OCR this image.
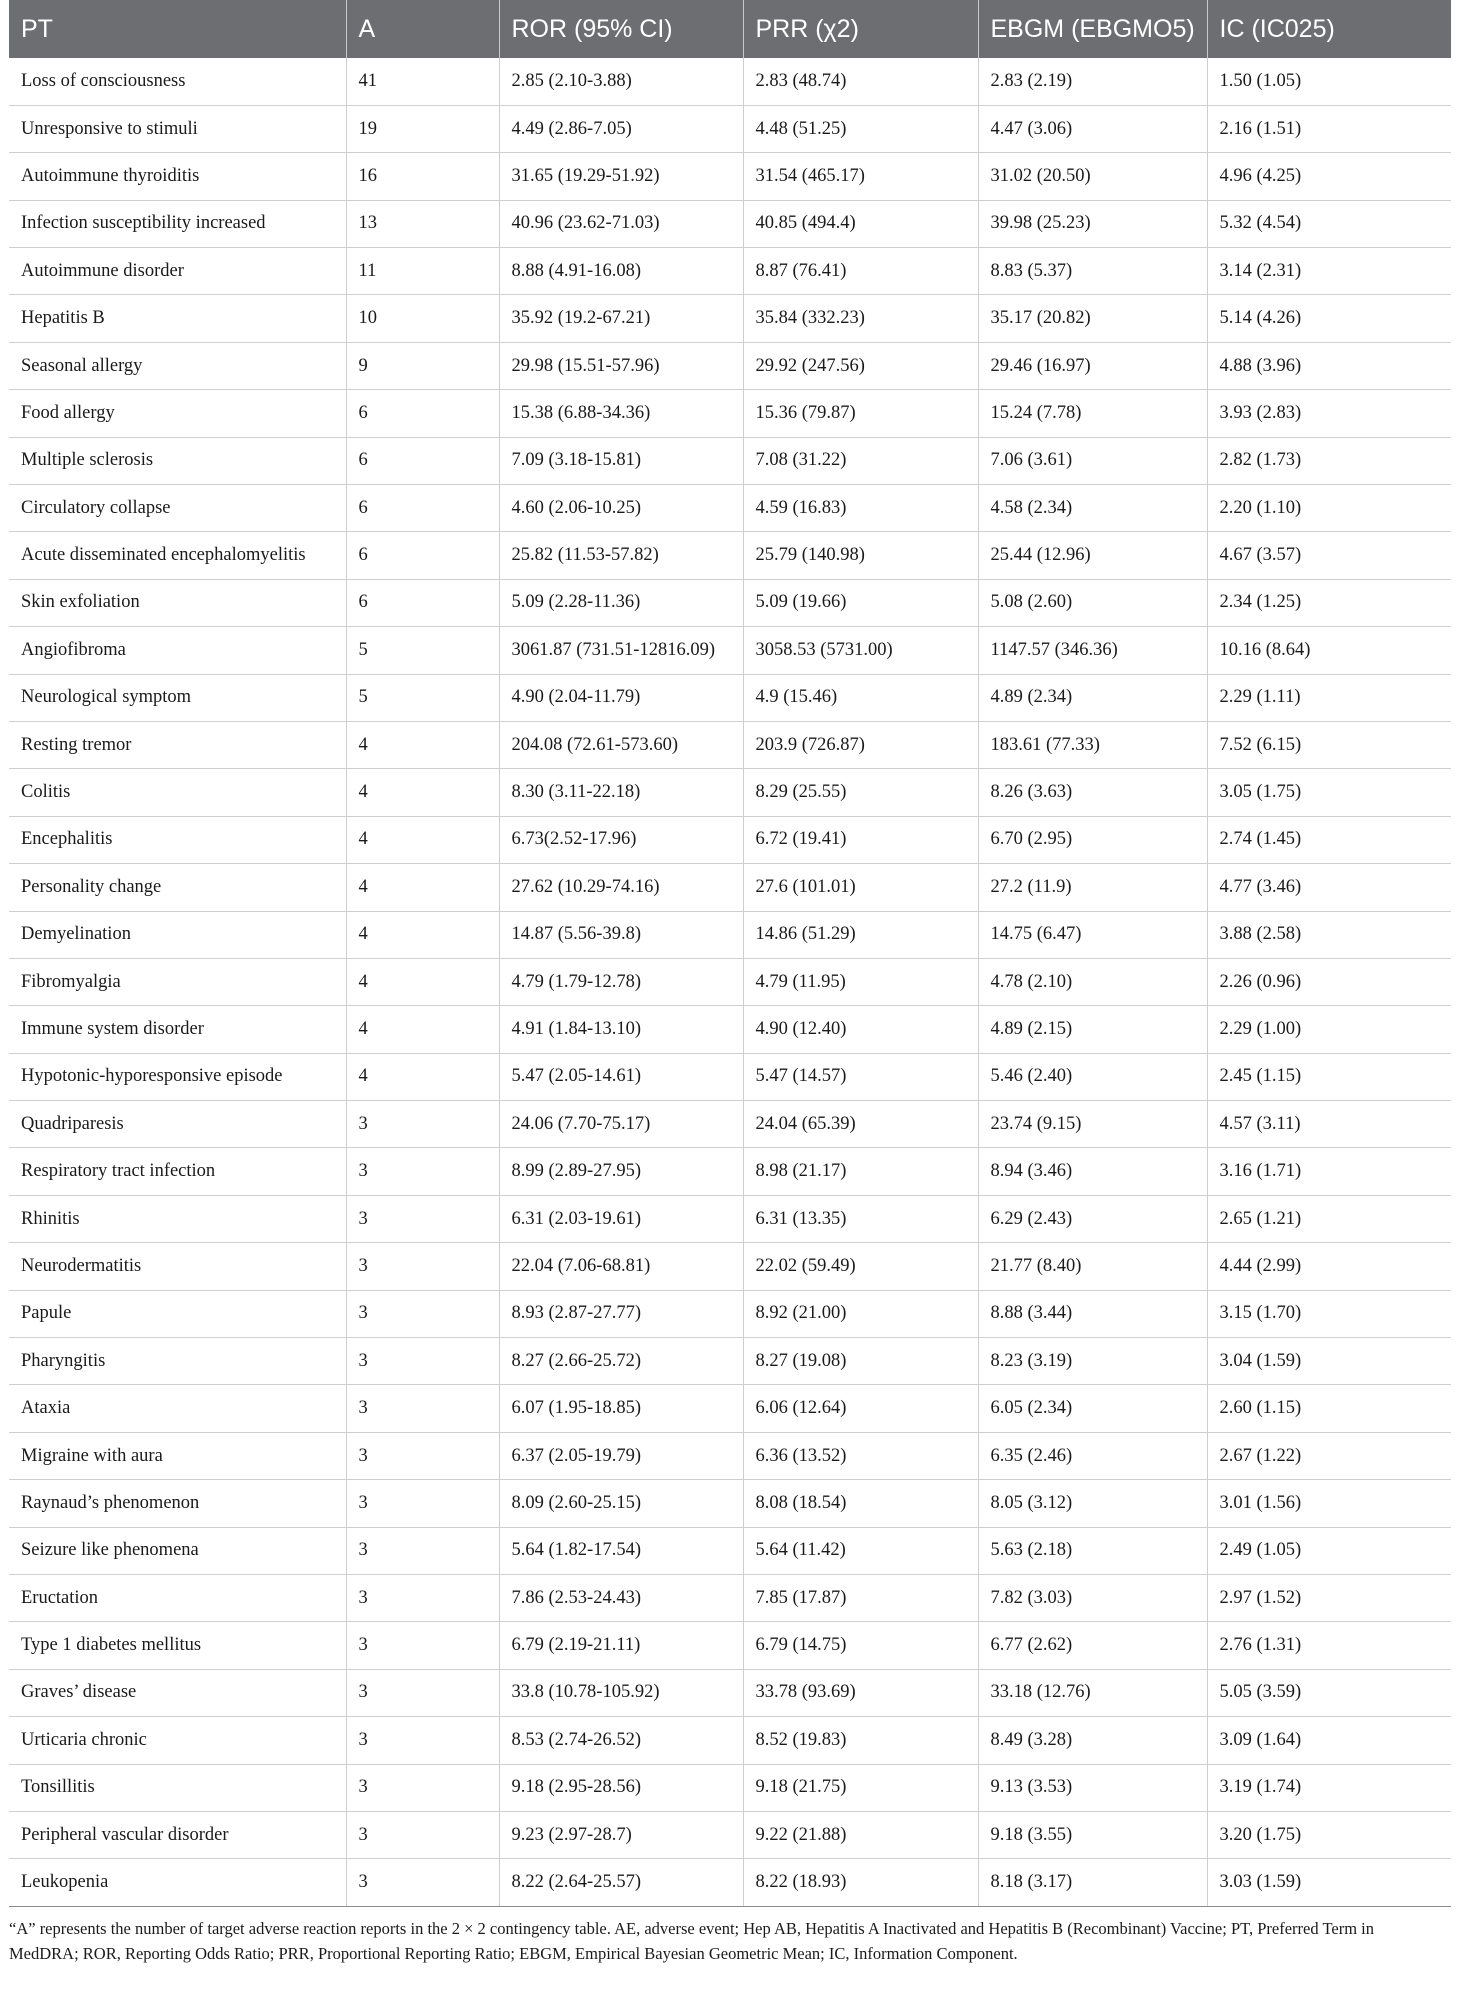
PT	A	ROR (95% CI)	PRR (χ2)	EBGM (EBGMO5)	IC (IC025)
Loss of consciousness	41	2.85 (2.10-3.88)	2.83 (48.74)	2.83 (2.19)	1.50 (1.05)
Unresponsive to stimuli	19	4.49 (2.86-7.05)	4.48 (51.25)	4.47 (3.06)	2.16 (1.51)
Autoimmune thyroiditis	16	31.65 (19.29-51.92)	31.54 (465.17)	31.02 (20.50)	4.96 (4.25)
Infection susceptibility increased	13	40.96 (23.62-71.03)	40.85 (494.4)	39.98 (25.23)	5.32 (4.54)
Autoimmune disorder	11	8.88 (4.91-16.08)	8.87 (76.41)	8.83 (5.37)	3.14 (2.31)
Hepatitis B	10	35.92 (19.2-67.21)	35.84 (332.23)	35.17 (20.82)	5.14 (4.26)
Seasonal allergy	9	29.98 (15.51-57.96)	29.92 (247.56)	29.46 (16.97)	4.88 (3.96)
Food allergy	6	15.38 (6.88-34.36)	15.36 (79.87)	15.24 (7.78)	3.93 (2.83)
Multiple sclerosis	6	7.09 (3.18-15.81)	7.08 (31.22)	7.06 (3.61)	2.82 (1.73)
Circulatory collapse	6	4.60 (2.06-10.25)	4.59 (16.83)	4.58 (2.34)	2.20 (1.10)
Acute disseminated encephalomyelitis	6	25.82 (11.53-57.82)	25.79 (140.98)	25.44 (12.96)	4.67 (3.57)
Skin exfoliation	6	5.09 (2.28-11.36)	5.09 (19.66)	5.08 (2.60)	2.34 (1.25)
Angiofibroma	5	3061.87 (731.51-12816.09)	3058.53 (5731.00)	1147.57 (346.36)	10.16 (8.64)
Neurological symptom	5	4.90 (2.04-11.79)	4.9 (15.46)	4.89 (2.34)	2.29 (1.11)
Resting tremor	4	204.08 (72.61-573.60)	203.9 (726.87)	183.61 (77.33)	7.52 (6.15)
Colitis	4	8.30 (3.11-22.18)	8.29 (25.55)	8.26 (3.63)	3.05 (1.75)
Encephalitis	4	6.73(2.52-17.96)	6.72 (19.41)	6.70 (2.95)	2.74 (1.45)
Personality change	4	27.62 (10.29-74.16)	27.6 (101.01)	27.2 (11.9)	4.77 (3.46)
Demyelination	4	14.87 (5.56-39.8)	14.86 (51.29)	14.75 (6.47)	3.88 (2.58)
Fibromyalgia	4	4.79 (1.79-12.78)	4.79 (11.95)	4.78 (2.10)	2.26 (0.96)
Immune system disorder	4	4.91 (1.84-13.10)	4.90 (12.40)	4.89 (2.15)	2.29 (1.00)
Hypotonic-hyporesponsive episode	4	5.47 (2.05-14.61)	5.47 (14.57)	5.46 (2.40)	2.45 (1.15)
Quadriparesis	3	24.06 (7.70-75.17)	24.04 (65.39)	23.74 (9.15)	4.57 (3.11)
Respiratory tract infection	3	8.99 (2.89-27.95)	8.98 (21.17)	8.94 (3.46)	3.16 (1.71)
Rhinitis	3	6.31 (2.03-19.61)	6.31 (13.35)	6.29 (2.43)	2.65 (1.21)
Neurodermatitis	3	22.04 (7.06-68.81)	22.02 (59.49)	21.77 (8.40)	4.44 (2.99)
Papule	3	8.93 (2.87-27.77)	8.92 (21.00)	8.88 (3.44)	3.15 (1.70)
Pharyngitis	3	8.27 (2.66-25.72)	8.27 (19.08)	8.23 (3.19)	3.04 (1.59)
Ataxia	3	6.07 (1.95-18.85)	6.06 (12.64)	6.05 (2.34)	2.60 (1.15)
Migraine with aura	3	6.37 (2.05-19.79)	6.36 (13.52)	6.35 (2.46)	2.67 (1.22)
Raynaud’s phenomenon	3	8.09 (2.60-25.15)	8.08 (18.54)	8.05 (3.12)	3.01 (1.56)
Seizure like phenomena	3	5.64 (1.82-17.54)	5.64 (11.42)	5.63 (2.18)	2.49 (1.05)
Eructation	3	7.86 (2.53-24.43)	7.85 (17.87)	7.82 (3.03)	2.97 (1.52)
Type 1 diabetes mellitus	3	6.79 (2.19-21.11)	6.79 (14.75)	6.77 (2.62)	2.76 (1.31)
Graves’ disease	3	33.8 (10.78-105.92)	33.78 (93.69)	33.18 (12.76)	5.05 (3.59)
Urticaria chronic	3	8.53 (2.74-26.52)	8.52 (19.83)	8.49 (3.28)	3.09 (1.64)
Tonsillitis	3	9.18 (2.95-28.56)	9.18 (21.75)	9.13 (3.53)	3.19 (1.74)
Peripheral vascular disorder	3	9.23 (2.97-28.7)	9.22 (21.88)	9.18 (3.55)	3.20 (1.75)
Leukopenia	3	8.22 (2.64-25.57)	8.22 (18.93)	8.18 (3.17)	3.03 (1.59)
“A” represents the number of target adverse reaction reports in the 2 × 2 contingency table. AE, adverse event; Hep AB, Hepatitis A Inactivated and Hepatitis B (Recombinant) Vaccine; PT, Preferred Term in MedDRA; ROR, Reporting Odds Ratio; PRR, Proportional Reporting Ratio; EBGM, Empirical Bayesian Geometric Mean; IC, Information Component.
